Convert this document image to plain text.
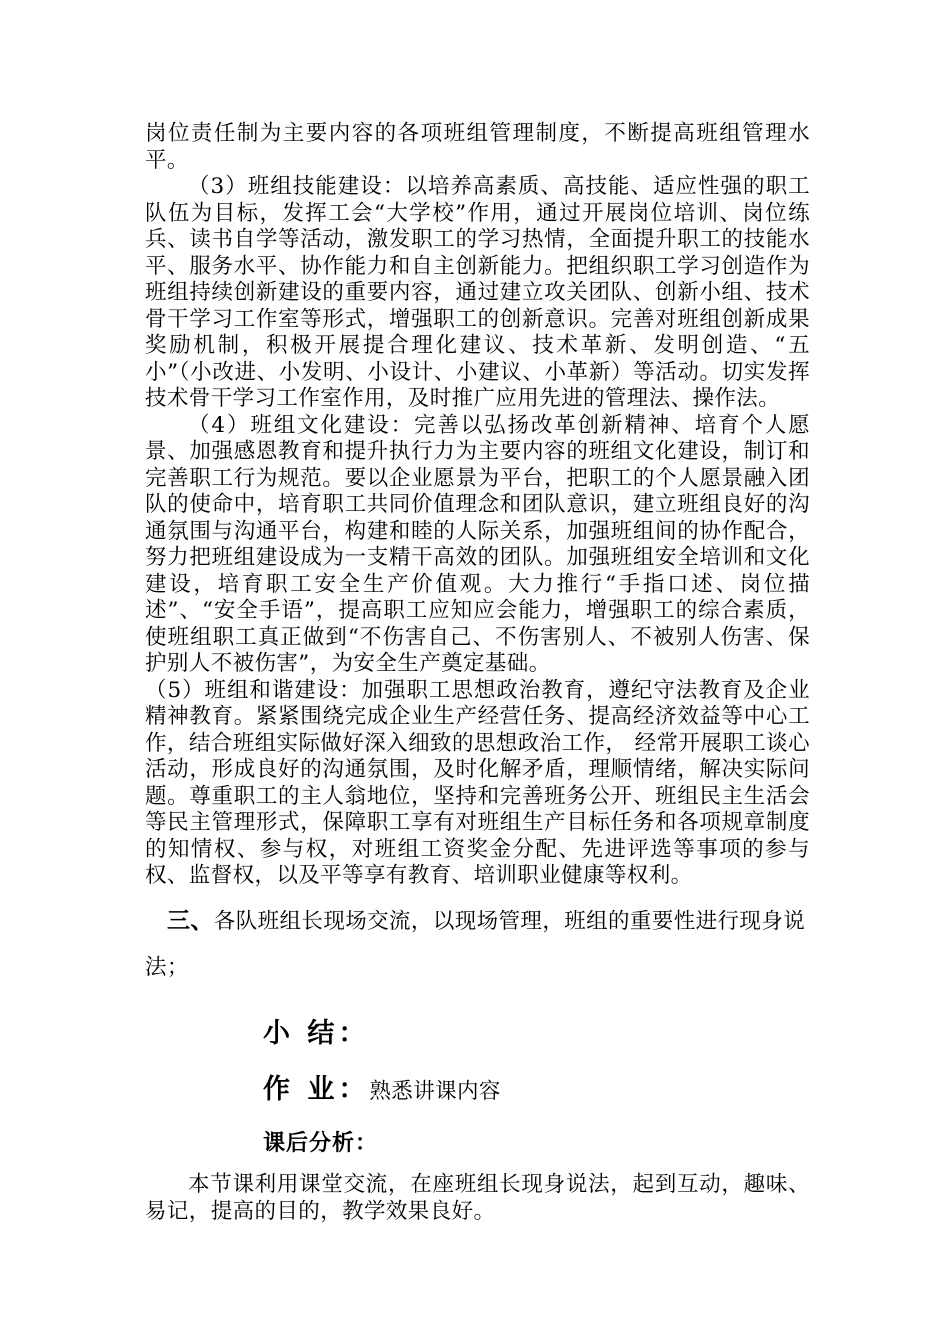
岗位责任制为主要内容的各项班组管理制度，不断提高班组管理水平。

（3）班组技能建设：以培养高素质、高技能、适应性强的职工队伍为目标，发挥工会“大学校”作用，通过开展岗位培训、岗位练兵、读书自学等活动，激发职工的学习热情，全面提升职工的技能水平、服务水平、协作能力和自主创新能力。把组织职工学习创造作为班组持续创新建设的重要内容，通过建立攻关团队、创新小组、技术骨干学习工作室等形式，增强职工的创新意识。完善对班组创新成果奖励机制，积极开展提合理化建议、技术革新、发明创造、“五小”（小改进、小发明、小设计、小建议、小革新）等活动。切实发挥技术骨干学习工作室作用，及时推广应用先进的管理法、操作法。

（4）班组文化建设：完善以弘扬改革创新精神、培育个人愿景、加强感恩教育和提升执行力为主要内容的班组文化建设，制订和完善职工行为规范。要以企业愿景为平台，把职工的个人愿景融入团队的使命中，培育职工共同价值理念和团队意识，建立班组良好的沟通氛围与沟通平台，构建和睦的人际关系，加强班组间的协作配合，努力把班组建设成为一支精干高效的团队。加强班组安全培训和文化建设，培育职工安全生产价值观。大力推行“手指口述、岗位描述”、“安全手语”，提高职工应知应会能力，增强职工的综合素质，使班组职工真正做到“不伤害自己、不伤害别人、不被别人伤害、保护别人不被伤害”，为安全生产奠定基础。

（5）班组和谐建设：加强职工思想政治教育，遵纪守法教育及企业精神教育。紧紧围绕完成企业生产经营任务、提高经济效益等中心工作，结合班组实际做好深入细致的思想政治工作， 经常开展职工谈心活动，形成良好的沟通氛围，及时化解矛盾，理顺情绪，解决实际问题。尊重职工的主人翁地位，坚持和完善班务公开、班组民主生活会等民主管理形式，保障职工享有对班组生产目标任务和各项规章制度的知情权、参与权，对班组工资奖金分配、先进评选等事项的参与权、监督权，以及平等享有教育、培训职业健康等权利。

三、各队班组长现场交流，以现场管理，班组的重要性进行现身说法；

小 结：

作 业：熟悉讲课内容

课后分析：

本节课利用课堂交流，在座班组长现身说法，起到互动，趣味、易记，提高的目的，教学效果良好。
